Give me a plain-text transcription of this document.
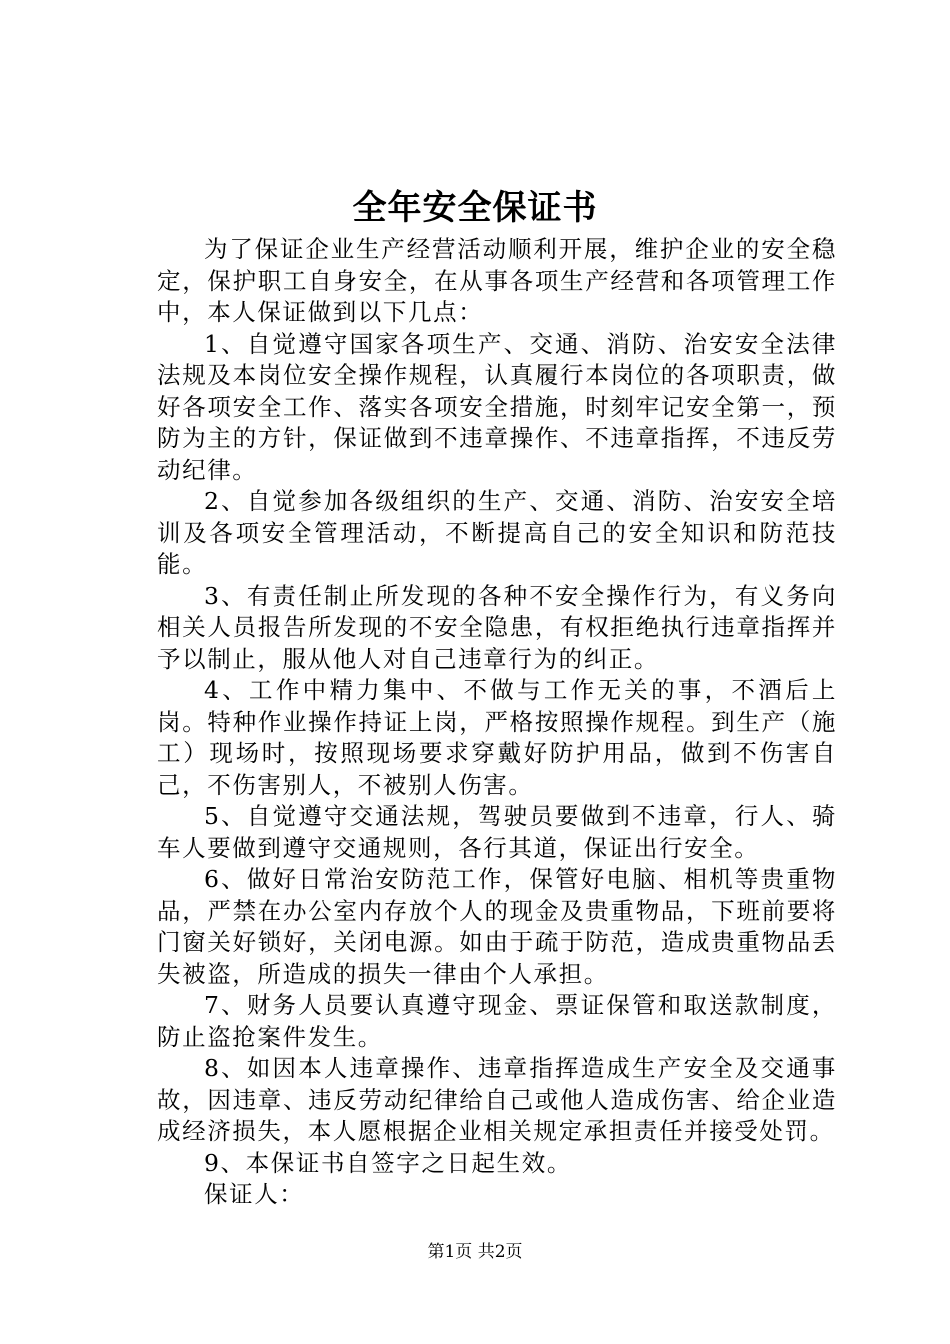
全年安全保证书

为了保证企业生产经营活动顺利开展，维护企业的安全稳定，保护职工自身安全，在从事各项生产经营和各项管理工作中，本人保证做到以下几点：

1、自觉遵守国家各项生产、交通、消防、治安安全法律法规及本岗位安全操作规程，认真履行本岗位的各项职责，做好各项安全工作、落实各项安全措施，时刻牢记安全第一，预防为主的方针，保证做到不违章操作、不违章指挥，不违反劳动纪律。

2、自觉参加各级组织的生产、交通、消防、治安安全培训及各项安全管理活动，不断提高自己的安全知识和防范技能。

3、有责任制止所发现的各种不安全操作行为，有义务向相关人员报告所发现的不安全隐患，有权拒绝执行违章指挥并予以制止，服从他人对自己违章行为的纠正。

4、工作中精力集中、不做与工作无关的事，不酒后上岗。特种作业操作持证上岗，严格按照操作规程。到生产（施工）现场时，按照现场要求穿戴好防护用品，做到不伤害自己，不伤害别人，不被别人伤害。

5、自觉遵守交通法规，驾驶员要做到不违章，行人、骑车人要做到遵守交通规则，各行其道，保证出行安全。

6、做好日常治安防范工作，保管好电脑、相机等贵重物品，严禁在办公室内存放个人的现金及贵重物品，下班前要将门窗关好锁好，关闭电源。如由于疏于防范，造成贵重物品丢失被盗，所造成的损失一律由个人承担。

7、财务人员要认真遵守现金、票证保管和取送款制度，防止盗抢案件发生。

8、如因本人违章操作、违章指挥造成生产安全及交通事故，因违章、违反劳动纪律给自己或他人造成伤害、给企业造成经济损失，本人愿根据企业相关规定承担责任并接受处罚。

9、本保证书自签字之日起生效。

保证人：

第1页 共2页
